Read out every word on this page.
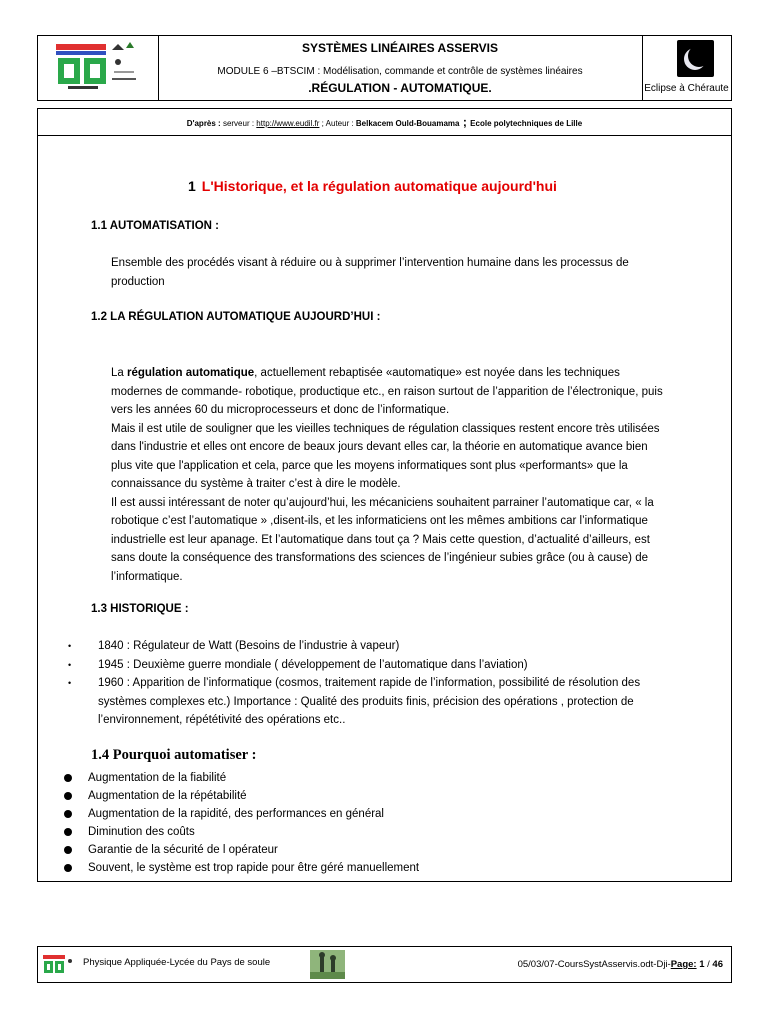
SYSTÈMES LINÉAIRES ASSERVIS
MODULE 6 –BTSCIM : Modélisation, commande et contrôle de systèmes linéaires
.RÉGULATION - AUTOMATIQUE.	Eclipse à Chéraute
D'après : serveur : http://www.eudil.fr ; Auteur : Belkacem Ould-Bouamama ; Ecole polytechniques de Lille
1 L'Historique, et la régulation automatique aujourd'hui
1.1 AUTOMATISATION :
Ensemble des procédés visant à réduire ou à supprimer l’intervention humaine dans les processus de
production
1.2 LA RÉGULATION AUTOMATIQUE AUJOURD’HUI :
La régulation automatique, actuellement rebaptisée «automatique» est noyée dans les techniques
modernes de commande- robotique, productique etc., en raison surtout de l’apparition de l’électronique, puis
vers les années 60 du microprocesseurs et donc de l’informatique.
Mais il est utile de souligner que les vieilles techniques de régulation classiques restent encore très utilisées
dans l'industrie et elles ont encore de beaux jours devant elles car, la théorie en automatique avance bien
plus vite que l'application et cela, parce que les moyens informatiques sont plus «performants» que la
connaissance du système à traiter c’est à dire le modèle.
Il est aussi intéressant de noter qu’aujourd’hui, les mécaniciens souhaitent parrainer l’automatique car, « la
robotique c’est l’automatique » ,disent-ils, et les informaticiens ont les mêmes ambitions car l’informatique
industrielle est leur apanage. Et l’automatique dans tout ça ? Mais cette question, d’actualité d’ailleurs, est
sans doute la conséquence des transformations des sciences de l’ingénieur subies grâce (ou à cause) de
l’informatique.
1.3 HISTORIQUE :
• 1840 : Régulateur de Watt (Besoins de l’industrie à vapeur)
• 1945 : Deuxième guerre mondiale ( développement de l’automatique dans l’aviation)
• 1960 : Apparition de l’informatique (cosmos, traitement rapide de l’information, possibilité de résolution des
systèmes complexes etc.) Importance : Qualité des produits finis, précision des opérations , protection de
l’environnement, répététivité des opérations etc..
1.4 Pourquoi automatiser :
Augmentation de la fiabilité
Augmentation de la répétabilité
Augmentation de la rapidité, des performances en général
Diminution des coûts
Garantie de la sécurité de l opérateur
Souvent, le système est trop rapide pour être géré manuellement
Physique Appliquée-Lycée du Pays de soule	05/03/07-CoursSystAsservis.odt-Dji-Page: 1 / 46
